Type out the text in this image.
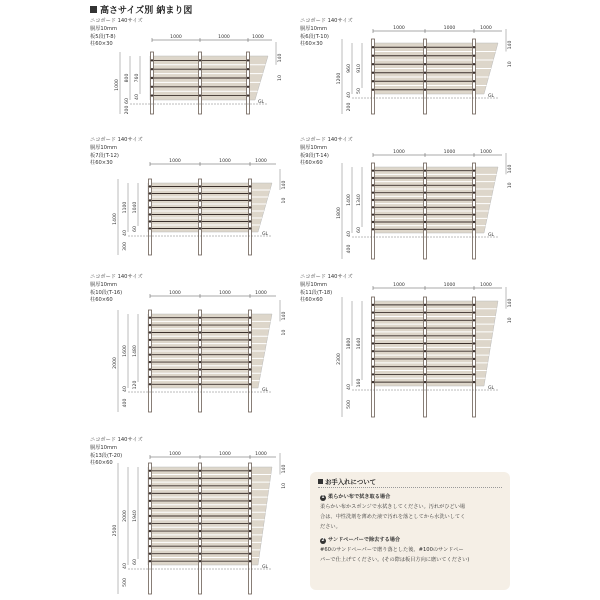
高さサイズ別 納まり図
ニコボード 140サイズ
胴厚10mm
板5段(T-8)
柱60×30
GL
1000	1000	1000
140
10
1000
800 760
40
60
200
ニコボード 140サイズ
胴厚10mm
板6段(T-10)
柱60×30
GL
1000	1000	1000
140
10
1200
960 910
50
40
200
ニコボード 140サイズ
胴厚10mm
板7段(T-12)
柱60×30
GL
1000	1000	1000
140
10
1400
1100 1040
60
40
300
ニコボード 140サイズ
胴厚10mm
板9段(T-14)
柱60×60
GL
1000	1000	1000
140
10
1800
1400 1340
60
40
400
ニコボード 140サイズ
胴厚10mm
板10段(T-16)
柱60×60
GL
1000	1000	1000
140
10
2000
1600 1480
120
40
400
ニコボード 140サイズ
胴厚10mm
板11段(T-18)
柱60×60
GL
1000	1000	1000
140
10
2300
1800 1640
160
40
500
ニコボード 140サイズ
胴厚10mm
板13段(T-20)
柱60×60
GL
1000	1000	1000
140
10
2500
2000 1940
60
40
500
お手入れについて
1 柔らかい布で拭き取る場合
柔らかい布かスポンジで水拭きしてください。汚れがひどい場
合は、中性洗剤を薄めた液で汚れを落としてから水洗いしてく
ださい。
2 サンドペーパーで除去する場合
#60のサンドペーパーで磨り落とした後、#100のサンドペー
パーで仕上げてください。(その際は板目方向に磨いてください)
